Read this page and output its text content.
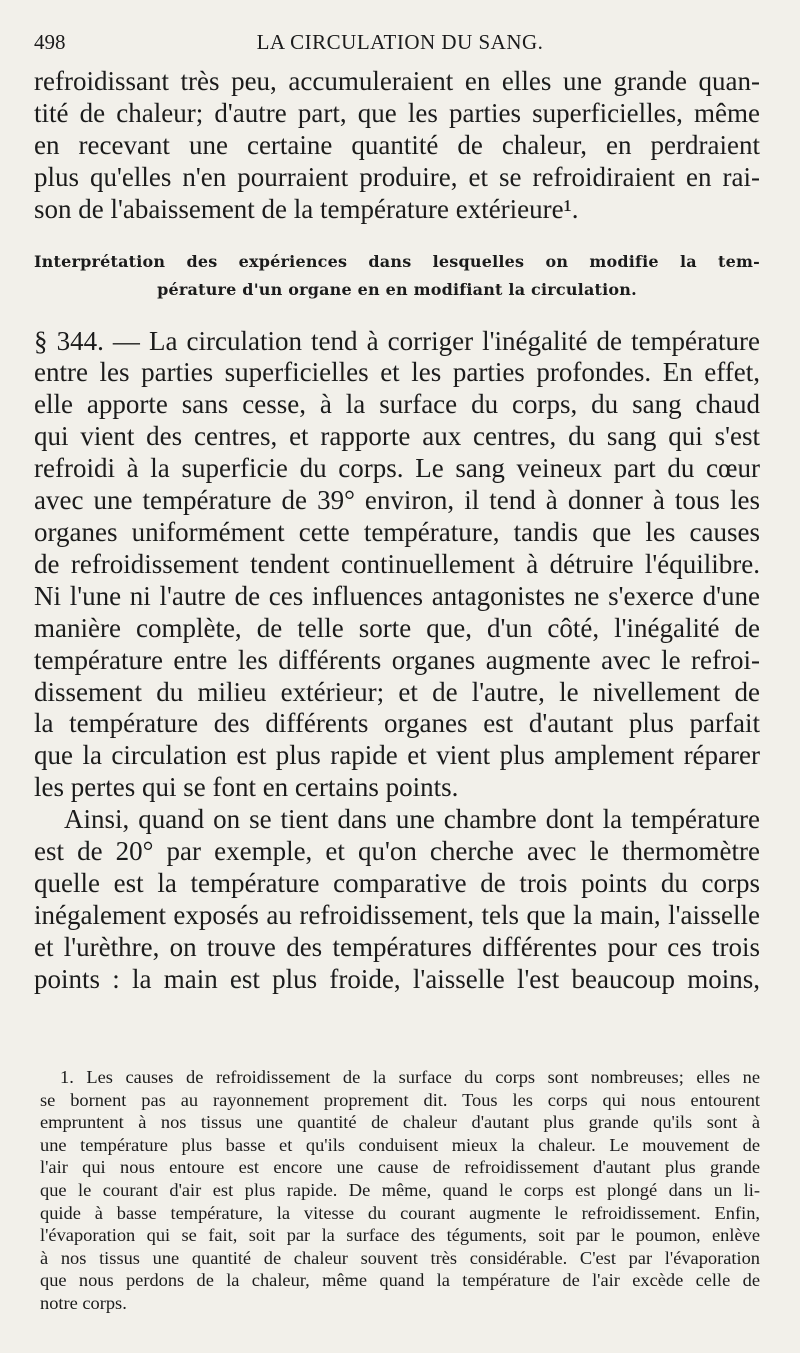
498	LA CIRCULATION DU SANG.

refroidissant très peu, accumuleraient en elles une grande quan-
tité de chaleur; d'autre part, que les parties superficielles, même
en recevant une certaine quantité de chaleur, en perdraient
plus qu'elles n'en pourraient produire, et se refroidiraient en rai-
son de l'abaissement de la température extérieure¹.

Interprétation des expériences dans lesquelles on modifie la tem-
pérature d'un organe en en modifiant la circulation.

§ 344. — La circulation tend à corriger l'inégalité de température
entre les parties superficielles et les parties profondes. En effet,
elle apporte sans cesse, à la surface du corps, du sang chaud
qui vient des centres, et rapporte aux centres, du sang qui s'est
refroidi à la superficie du corps. Le sang veineux part du cœur
avec une température de 39° environ, il tend à donner à tous les
organes uniformément cette température, tandis que les causes
de refroidissement tendent continuellement à détruire l'équilibre.
Ni l'une ni l'autre de ces influences antagonistes ne s'exerce d'une
manière complète, de telle sorte que, d'un côté, l'inégalité de
température entre les différents organes augmente avec le refroi-
dissement du milieu extérieur; et de l'autre, le nivellement de
la température des différents organes est d'autant plus parfait
que la circulation est plus rapide et vient plus amplement réparer
les pertes qui se font en certains points.

Ainsi, quand on se tient dans une chambre dont la température
est de 20° par exemple, et qu'on cherche avec le thermomètre
quelle est la température comparative de trois points du corps
inégalement exposés au refroidissement, tels que la main, l'aisselle
et l'urèthre, on trouve des températures différentes pour ces trois
points : la main est plus froide, l'aisselle l'est beaucoup moins,

1. Les causes de refroidissement de la surface du corps sont nombreuses; elles ne
se bornent pas au rayonnement proprement dit. Tous les corps qui nous entourent
empruntent à nos tissus une quantité de chaleur d'autant plus grande qu'ils sont à
une température plus basse et qu'ils conduisent mieux la chaleur. Le mouvement de
l'air qui nous entoure est encore une cause de refroidissement d'autant plus grande
que le courant d'air est plus rapide. De même, quand le corps est plongé dans un li-
quide à basse température, la vitesse du courant augmente le refroidissement. Enfin,
l'évaporation qui se fait, soit par la surface des téguments, soit par le poumon, enlève
à nos tissus une quantité de chaleur souvent très considérable. C'est par l'évaporation
que nous perdons de la chaleur, même quand la température de l'air excède celle de
notre corps.
